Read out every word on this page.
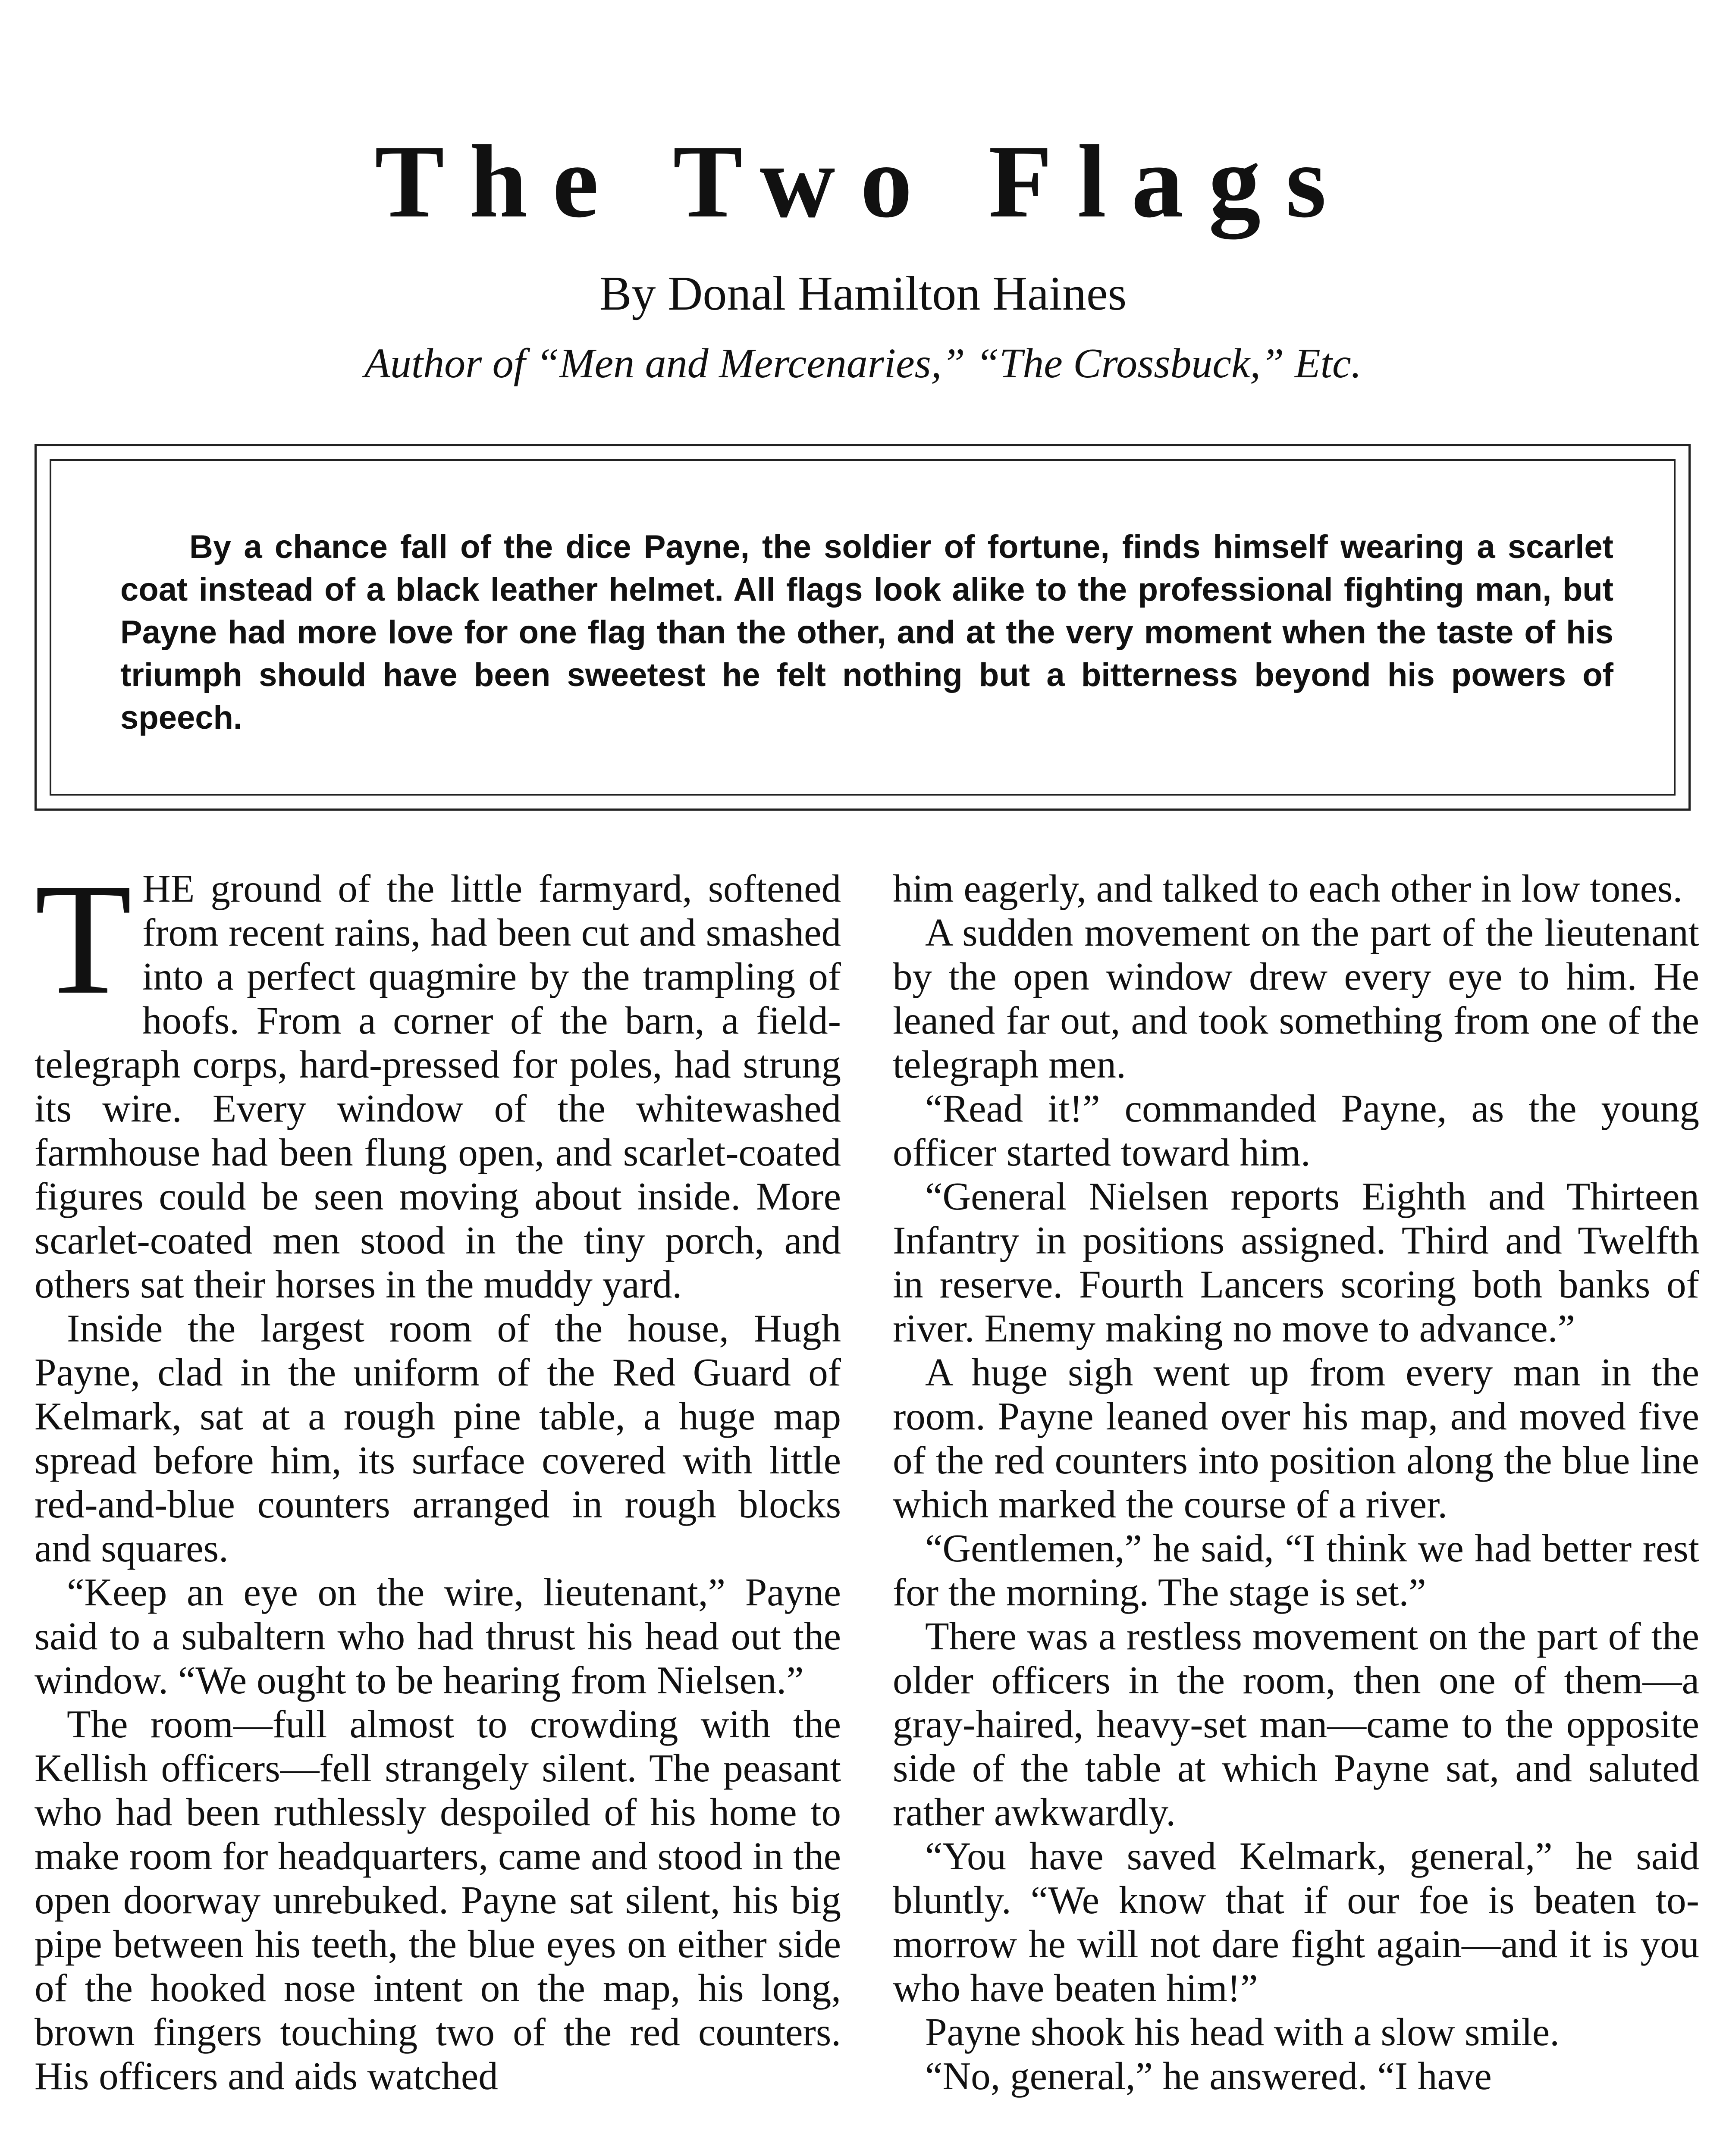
The Two Flags
By Donal Hamilton Haines
Author of “Men and Mercenaries,” “The Crossbuck,” Etc.

By a chance fall of the dice Payne, the soldier of fortune, finds himself wearing a scarlet coat instead of a black leather helmet. All flags look alike to the professional fighting man, but Payne had more love for one flag than the other, and at the very moment when the taste of his triumph should have been sweetest he felt nothing but a bitterness beyond his powers of speech.

THE ground of the little farmyard, softened from recent rains, had been cut and smashed into a perfect quagmire by the trampling of hoofs. From a corner of the barn, a field-telegraph corps, hard-pressed for poles, had strung its wire. Every window of the whitewashed farmhouse had been flung open, and scarlet-coated figures could be seen moving about inside. More scarlet-coated men stood in the tiny porch, and others sat their horses in the muddy yard.

Inside the largest room of the house, Hugh Payne, clad in the uniform of the Red Guard of Kelmark, sat at a rough pine table, a huge map spread before him, its surface covered with little red-and-blue counters arranged in rough blocks and squares.

“Keep an eye on the wire, lieutenant,” Payne said to a subaltern who had thrust his head out the window. “We ought to be hearing from Nielsen.”

The room—full almost to crowding with the Kellish officers—fell strangely silent. The peasant who had been ruthlessly despoiled of his home to make room for headquarters, came and stood in the open doorway unrebuked. Payne sat silent, his big pipe between his teeth, the blue eyes on either side of the hooked nose intent on the map, his long, brown fingers touching two of the red counters. His officers and aids watched

him eagerly, and talked to each other in low tones.

A sudden movement on the part of the lieutenant by the open window drew every eye to him. He leaned far out, and took something from one of the telegraph men.

“Read it!” commanded Payne, as the young officer started toward him.

“General Nielsen reports Eighth and Thirteen Infantry in positions assigned. Third and Twelfth in reserve. Fourth Lancers scoring both banks of river. Enemy making no move to advance.”

A huge sigh went up from every man in the room. Payne leaned over his map, and moved five of the red counters into position along the blue line which marked the course of a river.

“Gentlemen,” he said, “I think we had better rest for the morning. The stage is set.”

There was a restless movement on the part of the older officers in the room, then one of them—a gray-haired, heavy-set man—came to the opposite side of the table at which Payne sat, and saluted rather awkwardly.

“You have saved Kelmark, general,” he said bluntly. “We know that if our foe is beaten to-morrow he will not dare fight again—and it is you who have beaten him!”

Payne shook his head with a slow smile.

“No, general,” he answered. “I have
